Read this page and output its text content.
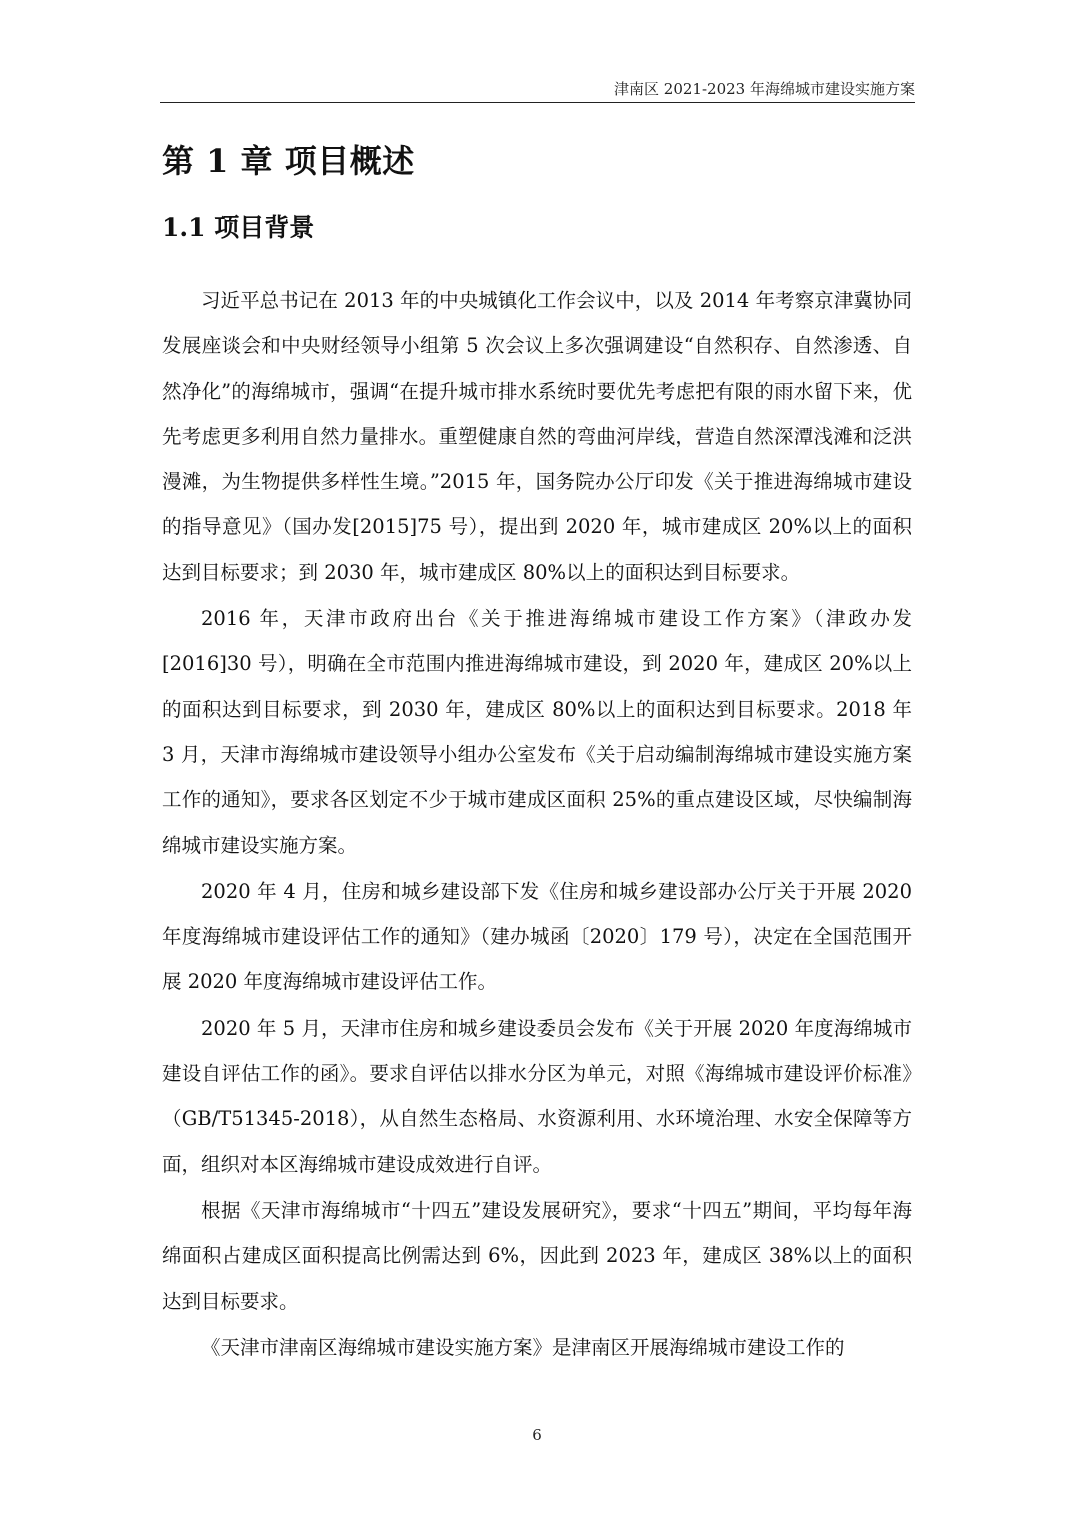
津南区 2021-2023 年海绵城市建设实施方案
第 1 章 项目概述
1.1 项目背景

习近平总书记在 2013 年的中央城镇化工作会议中，以及 2014 年考察京津冀协同发展座谈会和中央财经领导小组第 5 次会议上多次强调建设“自然积存、自然渗透、自然净化”的海绵城市，强调“在提升城市排水系统时要优先考虑把有限的雨水留下来，优先考虑更多利用自然力量排水。重塑健康自然的弯曲河岸线，营造自然深潭浅滩和泛洪漫滩，为生物提供多样性生境。”2015 年，国务院办公厅印发《关于推进海绵城市建设的指导意见》（国办发[2015]75 号），提出到 2020 年，城市建成区 20%以上的面积达到目标要求；到 2030 年，城市建成区 80%以上的面积达到目标要求。

2016 年，天津市政府出台《关于推进海绵城市建设工作方案》（津政办发[2016]30 号），明确在全市范围内推进海绵城市建设，到 2020 年，建成区 20%以上的面积达到目标要求，到 2030 年，建成区 80%以上的面积达到目标要求。2018 年 3 月，天津市海绵城市建设领导小组办公室发布《关于启动编制海绵城市建设实施方案工作的通知》，要求各区划定不少于城市建成区面积 25%的重点建设区域，尽快编制海绵城市建设实施方案。

2020 年 4 月，住房和城乡建设部下发《住房和城乡建设部办公厅关于开展 2020 年度海绵城市建设评估工作的通知》（建办城函〔2020〕179 号），决定在全国范围开展 2020 年度海绵城市建设评估工作。

2020 年 5 月，天津市住房和城乡建设委员会发布《关于开展 2020 年度海绵城市建设自评估工作的函》。要求自评估以排水分区为单元，对照《海绵城市建设评价标准》（GB/T51345-2018），从自然生态格局、水资源利用、水环境治理、水安全保障等方面，组织对本区海绵城市建设成效进行自评。

根据《天津市海绵城市“十四五”建设发展研究》，要求“十四五”期间，平均每年海绵面积占建成区面积提高比例需达到 6%，因此到 2023 年，建成区 38%以上的面积达到目标要求。

《天津市津南区海绵城市建设实施方案》是津南区开展海绵城市建设工作的

6
